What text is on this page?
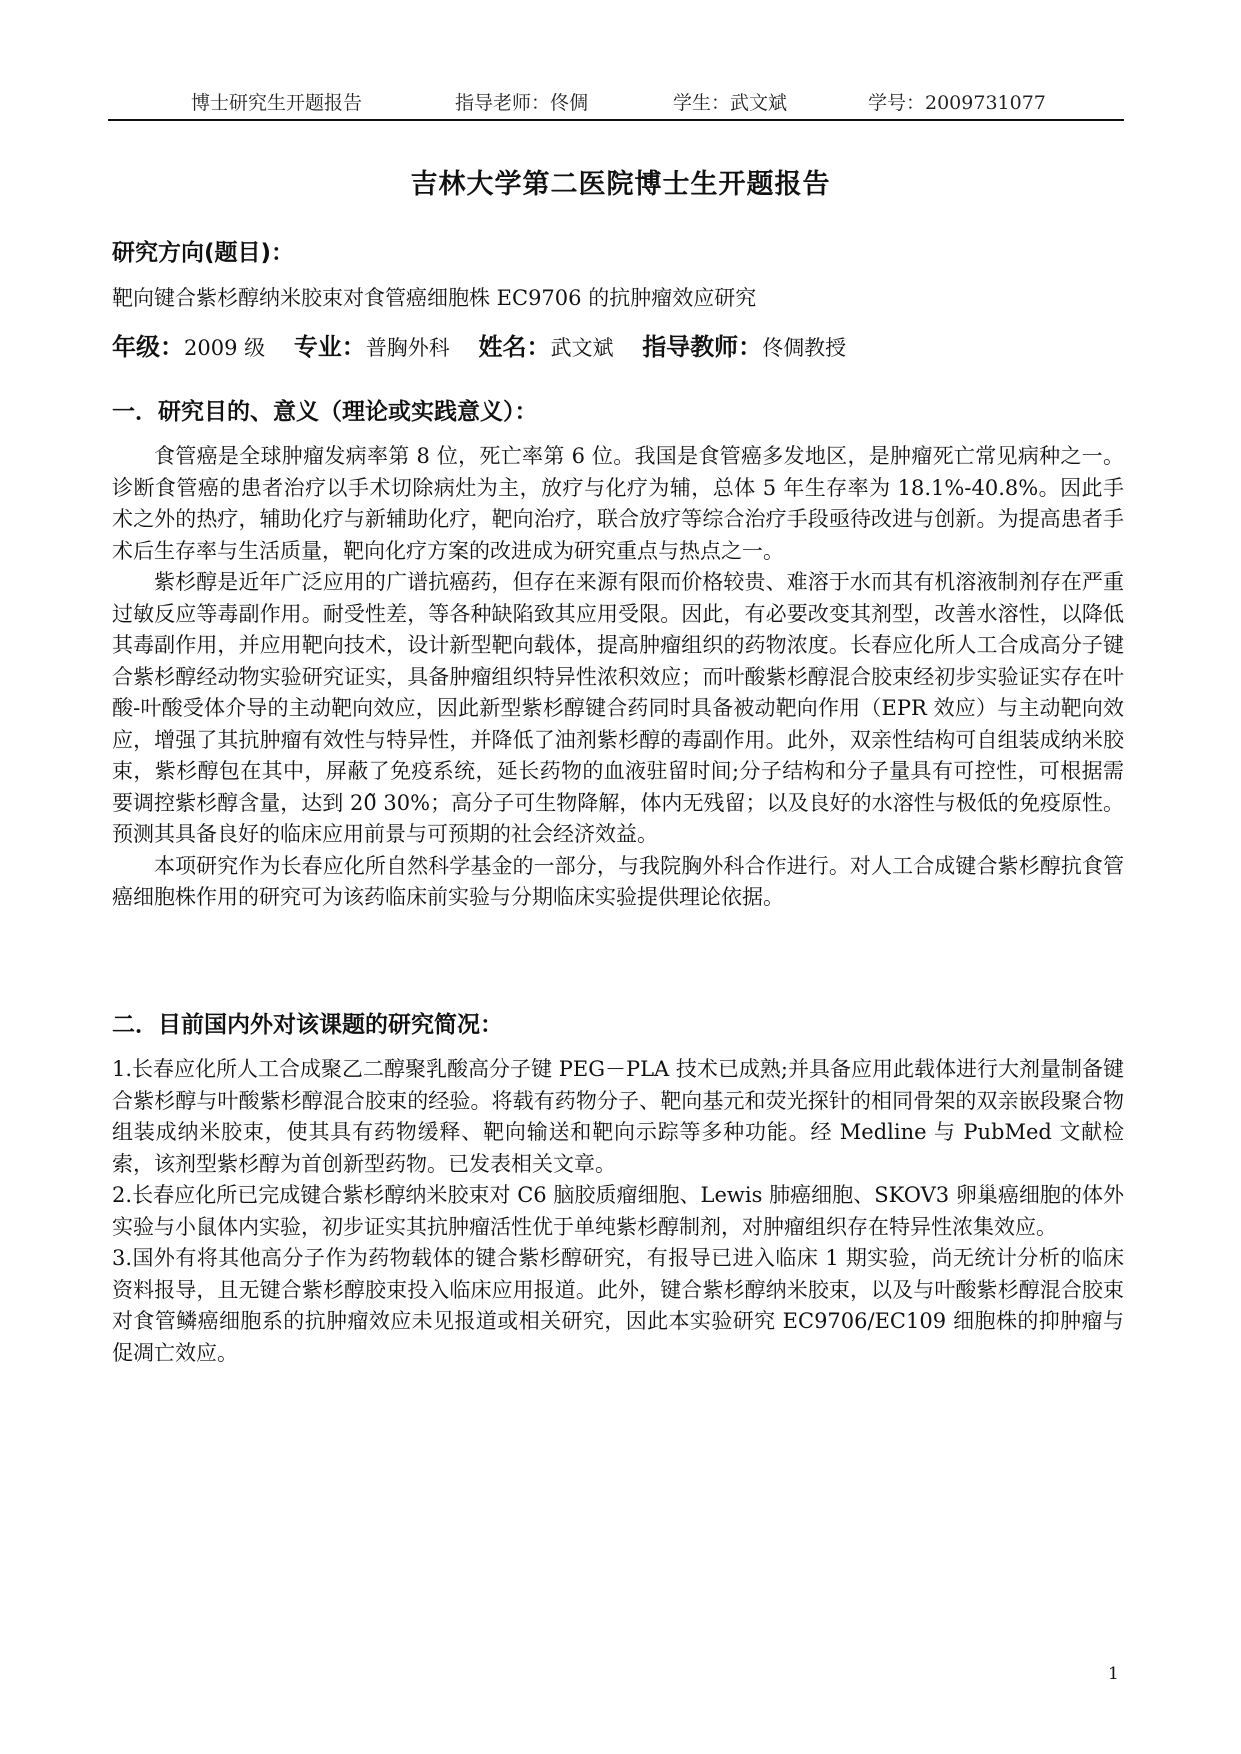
博士研究生开题报告	指导老师：佟倜	学生：武文斌	学号：2009731077
吉林大学第二医院博士生开题报告
研究方向(题目)：
靶向键合紫杉醇纳米胶束对食管癌细胞株 EC9706 的抗肿瘤效应研究
年级：2009 级 专业：普胸外科 姓名：武文斌 指导教师：佟倜教授
一．研究目的、意义（理论或实践意义）：

食管癌是全球肿瘤发病率第 8 位，死亡率第 6 位。我国是食管癌多发地区，是肿瘤死亡常见病种之一。诊断食管癌的患者治疗以手术切除病灶为主，放疗与化疗为辅，总体 5 年生存率为 18.1%-40.8%。因此手术之外的热疗，辅助化疗与新辅助化疗，靶向治疗，联合放疗等综合治疗手段亟待改进与创新。为提高患者手术后生存率与生活质量，靶向化疗方案的改进成为研究重点与热点之一。

紫杉醇是近年广泛应用的广谱抗癌药，但存在来源有限而价格较贵、难溶于水而其有机溶液制剂存在严重过敏反应等毒副作用。耐受性差，等各种缺陷致其应用受限。因此，有必要改变其剂型，改善水溶性，以降低其毒副作用，并应用靶向技术，设计新型靶向载体，提高肿瘤组织的药物浓度。长春应化所人工合成高分子键合紫杉醇经动物实验研究证实，具备肿瘤组织特异性浓积效应；而叶酸紫杉醇混合胶束经初步实验证实存在叶酸-叶酸受体介导的主动靶向效应，因此新型紫杉醇键合药同时具备被动靶向作用（EPR 效应）与主动靶向效应，增强了其抗肿瘤有效性与特异性，并降低了油剂紫杉醇的毒副作用。此外，双亲性结构可自组装成纳米胶束，紫杉醇包在其中，屏蔽了免疫系统，延长药物的血液驻留时间;分子结构和分子量具有可控性，可根据需要调控紫杉醇含量，达到 20̃ 30%；高分子可生物降解，体内无残留；以及良好的水溶性与极低的免疫原性。预测其具备良好的临床应用前景与可预期的社会经济效益。

本项研究作为长春应化所自然科学基金的一部分，与我院胸外科合作进行。对人工合成键合紫杉醇抗食管癌细胞株作用的研究可为该药临床前实验与分期临床实验提供理论依据。

二．目前国内外对该课题的研究简况：

1.长春应化所人工合成聚乙二醇聚乳酸高分子键 PEG－PLA 技术已成熟;并具备应用此载体进行大剂量制备键合紫杉醇与叶酸紫杉醇混合胶束的经验。将载有药物分子、靶向基元和荧光探针的相同骨架的双亲嵌段聚合物组装成纳米胶束，使其具有药物缓释、靶向输送和靶向示踪等多种功能。经 Medline 与 PubMed 文献检索，该剂型紫杉醇为首创新型药物。已发表相关文章。

2.长春应化所已完成键合紫杉醇纳米胶束对 C6 脑胶质瘤细胞、Lewis 肺癌细胞、SKOV3 卵巢癌细胞的体外实验与小鼠体内实验，初步证实其抗肿瘤活性优于单纯紫杉醇制剂，对肿瘤组织存在特异性浓集效应。

3.国外有将其他高分子作为药物载体的键合紫杉醇研究，有报导已进入临床 1 期实验，尚无统计分析的临床资料报导，且无键合紫杉醇胶束投入临床应用报道。此外，键合紫杉醇纳米胶束，以及与叶酸紫杉醇混合胶束对食管鳞癌细胞系的抗肿瘤效应未见报道或相关研究，因此本实验研究 EC9706/EC109 细胞株的抑肿瘤与促凋亡效应。

1
